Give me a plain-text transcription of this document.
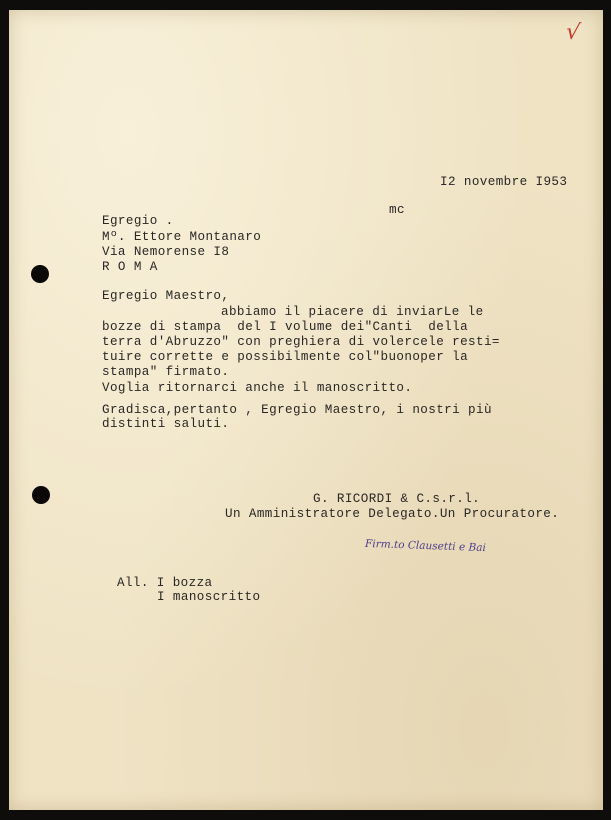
√
I2 novembre I953
mc
Egregio .
Mº. Ettore Montanaro
Via Nemorense I8
R O M A
Egregio Maestro,
abbiamo il piacere di inviarLe le
bozze di stampa  del I volume dei"Canti  della
terra d'Abruzzo" con preghiera di volercele resti=
tuire corrette e possibilmente col"buonoper la
stampa" firmato.
Voglia ritornarci anche il manoscritto.
Gradisca,pertanto , Egregio Maestro, i nostri più
distinti saluti.
G. RICORDI & C.s.r.l.
Un Amministratore Delegato.Un Procuratore.
Firm.to Clausetti e Bai
All. I bozza
I manoscritto
